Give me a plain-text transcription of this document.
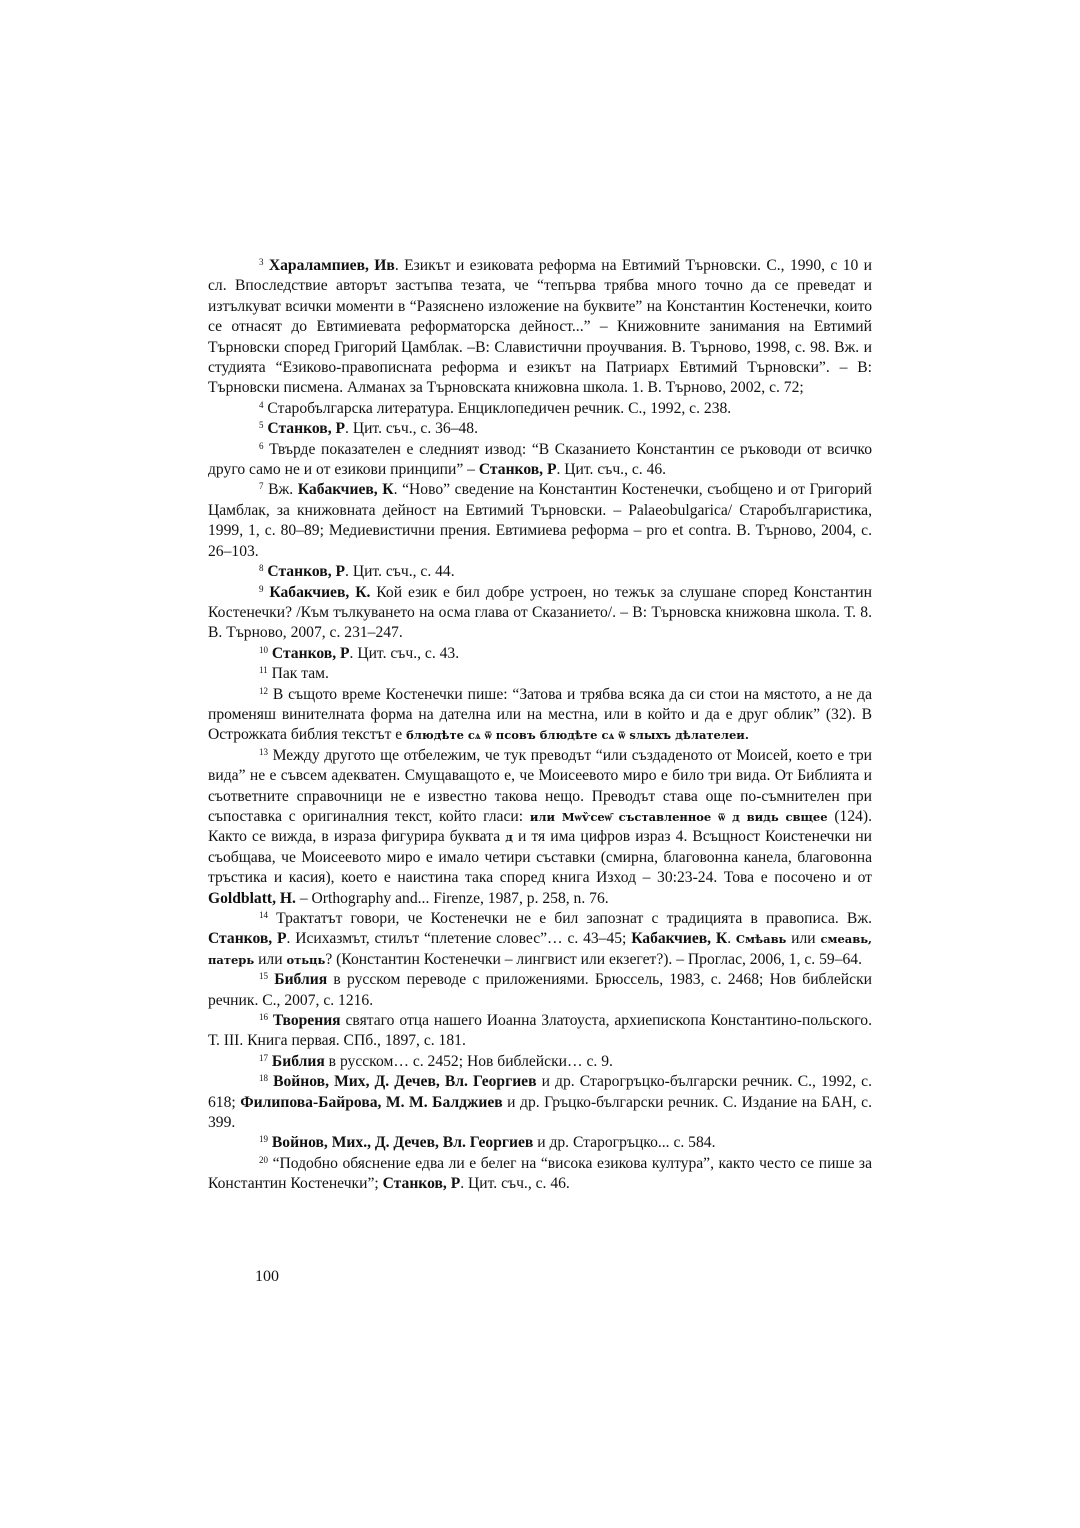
$^3$ Харалампиев, Ив. Езикът и езиковата реформа на Евтимий Търновски. С., 1990, с 10 и сл. Впоследствие авторът застъпва тезата, че “тепърва трябва много точно да се преведат и изтълкуват всички моменти в “Разяснено изложение на буквите” на Константин Костенечки, които се отнасят до Евтимиевата реформаторска дейност...” – Книжовните занимания на Евтимий Търновски според Григорий Цамблак. –В: Славистични проучвания. В. Търново, 1998, с. 98. Вж. и студията “Езиково-правописната реформа и езикът на Патриарх Евтимий Търновски”. – В: Търновски писмена. Алманах за Търновската книжовна школа. 1. В. Търново, 2002, с. 72;

$^4$ Старобългарска литература. Енциклопедичен речник. С., 1992, с. 238.

$^5$ Станков, Р. Цит. съч., с. 36–48.

$^6$ Твърде показателен е следният извод: “В Сказанието Константин се ръководи от всичко друго само не и от езикови принципи” – Станков, Р. Цит. съч., с. 46.

$^7$ Вж. Кабакчиев, К. “Ново” сведение на Константин Костенечки, съобщено и от Григорий Цамблак, за книжовната дейност на Евтимий Търновски. – Palaeobulgarica/ Старобългаристика, 1999, 1, с. 80–89; Медиевистични прения. Евтимиева реформа – pro et contra. В. Търново, 2004, с. 26–103.

$^8$ Станков, Р. Цит. съч., с. 44.

$^9$ Кабакчиев, К. Кой език е бил добре устроен, но тежък за слушане според Константин Костенечки? /Към тълкуването на осма глава от Сказанието/. – В: Търновска книжовна школа. Т. 8. В. Търново, 2007, с. 231–247.

$^{10}$ Станков, Р. Цит. съч., с. 43.

$^{11}$ Пак там.

$^{12}$ В същото време Костенечки пише: “Затова и трябва всяка да си стои на мястото, а не да променяш винителната форма на дателна или на местна, или в който и да е друг облик” (32). В Острожката библия текстът е блюдѣте сѧ ѿ псовъ блюдѣте сѧ ѿ ѕлыхъ дѣлателеи.

$^{13}$ Между другото ще отбележим, че тук преводът “или създаденото от Моисей, което е три вида” не е съвсем адекватен. Смущаващото е, че Моисеевото миро е било три вида. От Библията и съответните справочници не е известно такова нещо. Преводът става още по-съмнителен при съпоставка с оригиналния текст, който гласи: или Мѡѷсеѡ҄ съставленное ѿ д видь свщее (124). Както се вижда, в израза фигурира буквата д и тя има цифров израз 4. Всъщност Коистенечки ни съобщава, че Моисеевото миро е имало четири съставки (смирна, благовонна канела, благовонна тръстика и касия), което е наистина така според книга Изход – 30:23-24. Това е посочено и от Goldblatt, H. – Orthography and... Firenze, 1987, p. 258, n. 76.

$^{14}$ Трактатът говори, че Костенечки не е бил запознат с традицията в правописа. Вж. Станков, Р. Исихазмът, стилът “плетение словес”… с. 43–45; Кабакчиев, К. Смѣавь или смеавь, патерь или отьць? (Константин Костенечки – лингвист или екзегет?). – Проглас, 2006, 1, с. 59–64.

$^{15}$ Библия в русском переводе с приложениями. Брюссель, 1983, с. 2468; Нов библейски речник. С., 2007, с. 1216.

$^{16}$ Творения святаго отца нашего Иоанна Златоуста, архиепископа Константино-польского. Т. III. Книга первая. СПб., 1897, с. 181.

$^{17}$ Библия в русском… с. 2452; Нов библейски… с. 9.

$^{18}$ Войнов, Мих, Д. Дечев, Вл. Георгиев и др. Старогръцко-български речник. С., 1992, с. 618; Филипова-Байрова, М. М. Балджиев и др. Гръцко-български речник. С. Издание на БАН, с. 399.

$^{19}$ Войнов, Мих., Д. Дечев, Вл. Георгиев и др. Старогръцко... с. 584.

$^{20}$ “Подобно обяснение едва ли е белег на “висока езикова култура”, както често се пише за Константин Костенечки”; Станков, Р. Цит. съч., с. 46.

100
